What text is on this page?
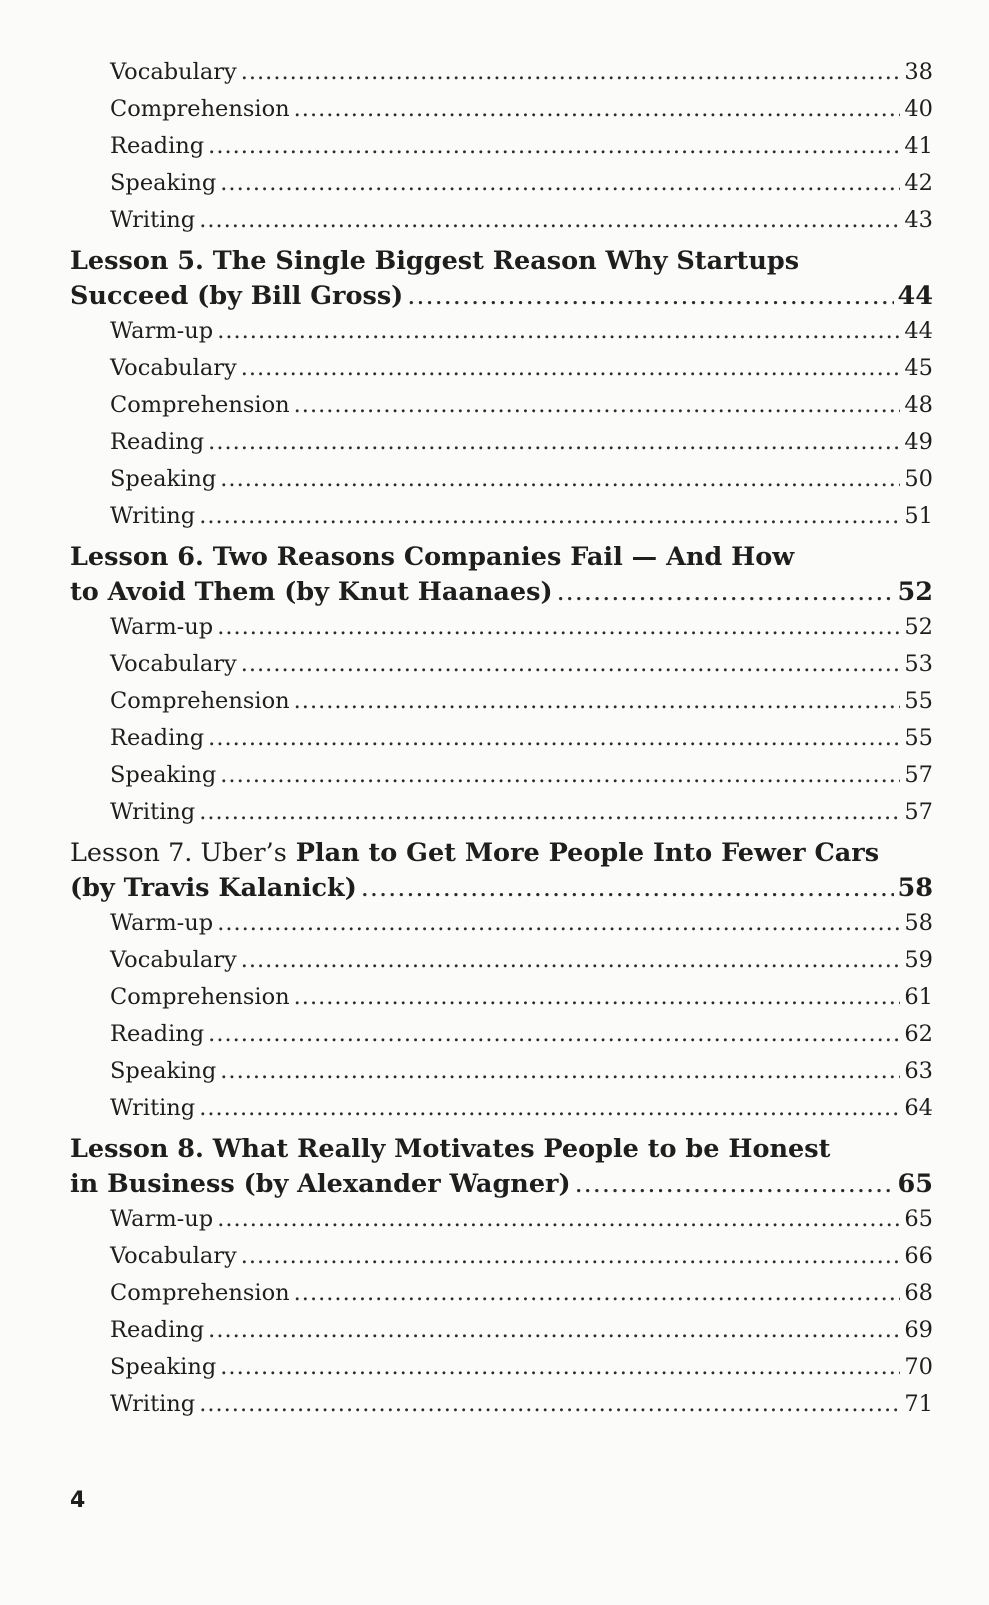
Vocabulary .....	38
Comprehension .....	40
Reading .....	41
Speaking .....	42
Writing .....	43
Lesson 5. The Single Biggest Reason Why Startups
Succeed (by Bill Gross) .....	44
Warm-up .....	44
Vocabulary .....	45
Comprehension .....	48
Reading .....	49
Speaking .....	50
Writing .....	51
Lesson 6. Two Reasons Companies Fail — And How
to Avoid Them (by Knut Haanaes) .....	52
Warm-up .....	52
Vocabulary .....	53
Comprehension .....	55
Reading .....	55
Speaking .....	57
Writing .....	57
Lesson 7. Uber’s Plan to Get More People Into Fewer Cars
(by Travis Kalanick) .....	58
Warm-up .....	58
Vocabulary .....	59
Comprehension .....	61
Reading .....	62
Speaking .....	63
Writing .....	64
Lesson 8. What Really Motivates People to be Honest
in Business (by Alexander Wagner) .....	65
Warm-up .....	65
Vocabulary .....	66
Comprehension .....	68
Reading .....	69
Speaking .....	70
Writing .....	71
4
